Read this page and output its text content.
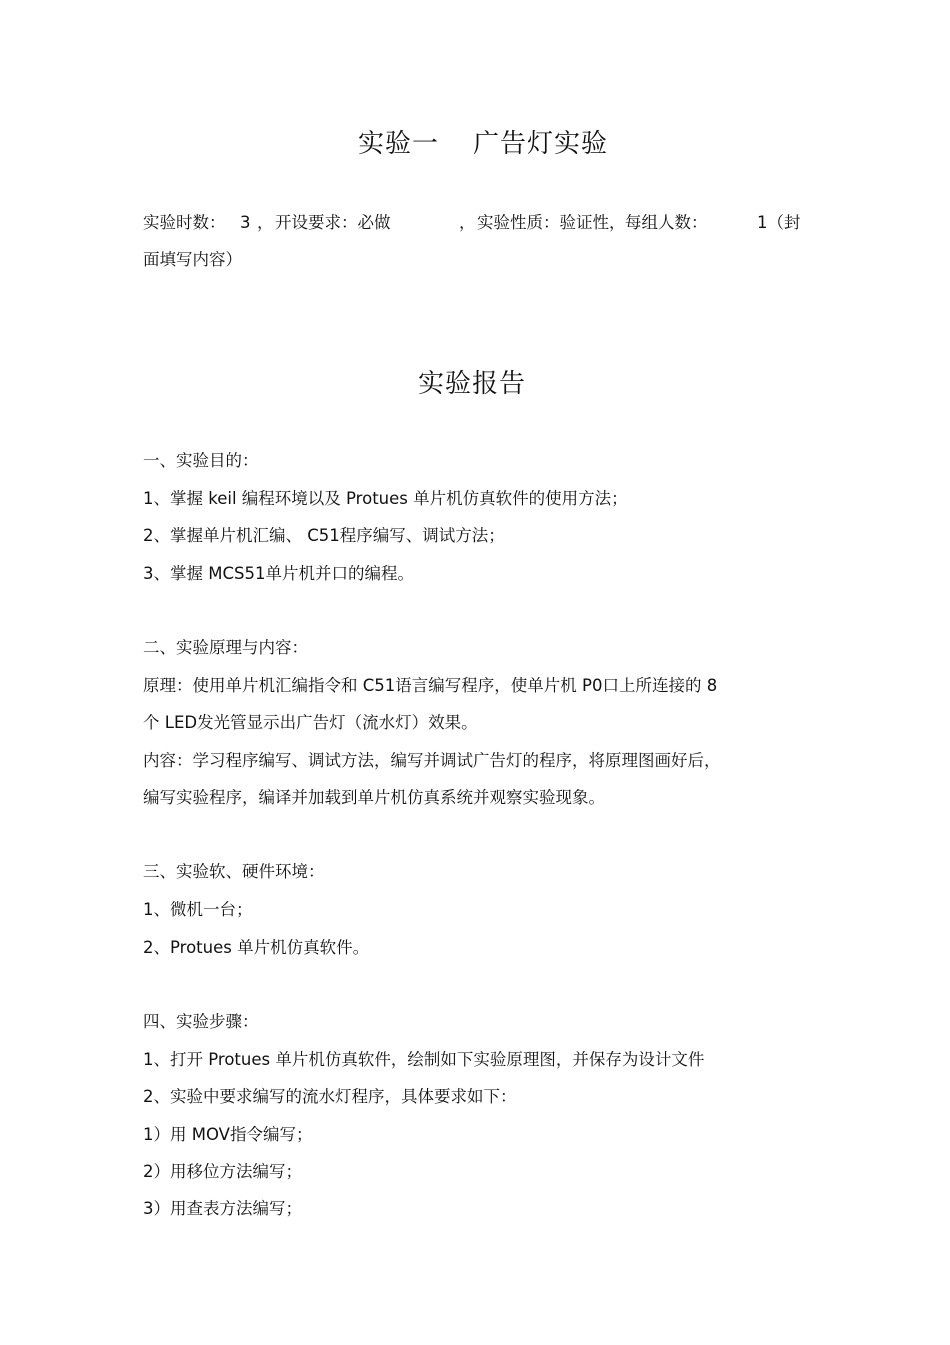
实验一 广告灯实验
实验时数： 3 ， 开设要求：必做	， 实验性质：验证性， 每组人数：	1（封
面填写内容）
实验报告
一、实验目的：
1、掌握 keil 编程环境以及 Protues 单片机仿真软件的使用方法；
2、掌握单片机汇编、 C51程序编写、调试方法；
3、掌握 MCS51单片机并口的编程。
二、实验原理与内容：
原理：使用单片机汇编指令和 C51语言编写程序，使单片机 P0口上所连接的 8
个 LED发光管显示出广告灯（流水灯）效果。
内容：学习程序编写、调试方法，编写并调试广告灯的程序，将原理图画好后，
编写实验程序，编译并加载到单片机仿真系统并观察实验现象。
三、实验软、硬件环境：
1、微机一台；
2、Protues 单片机仿真软件。
四、实验步骤：
1、打开 Protues 单片机仿真软件，绘制如下实验原理图，并保存为设计文件
2、实验中要求编写的流水灯程序，具体要求如下：
1）用 MOV指令编写；
2）用移位方法编写；
3）用查表方法编写；
